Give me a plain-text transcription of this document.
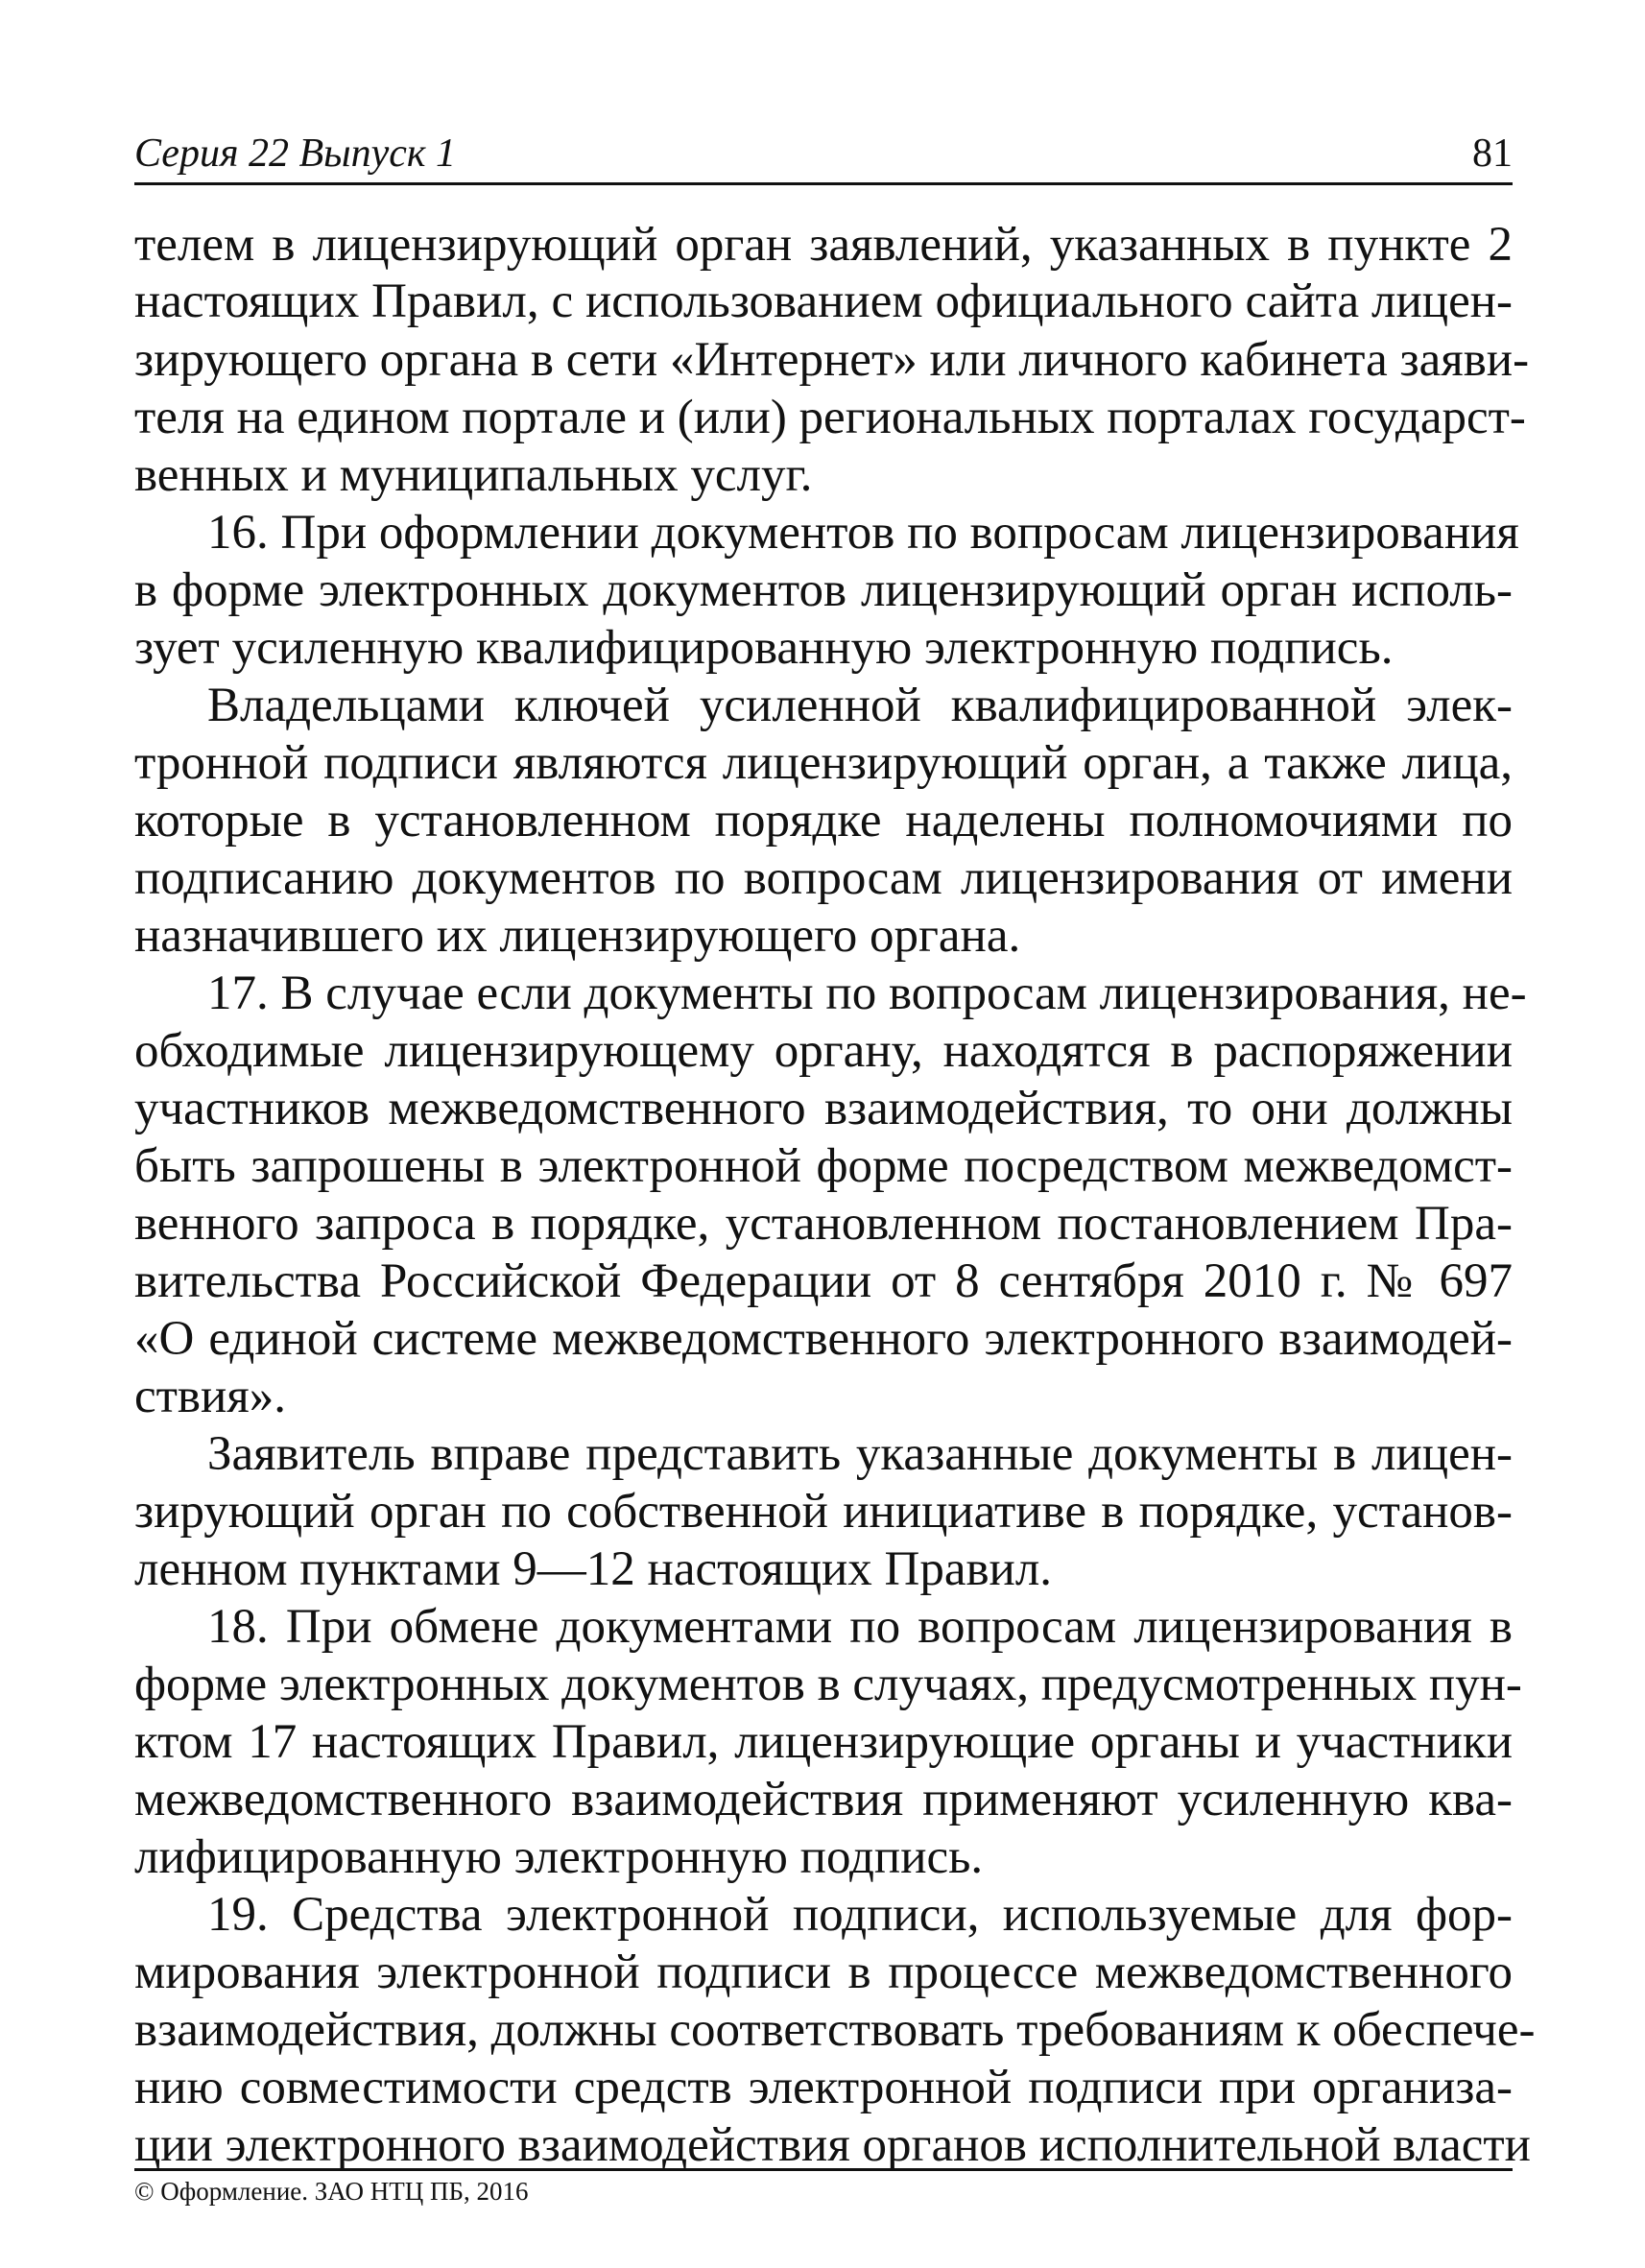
Серия 22 Выпуск 1	81
телем в лицензирующий орган заявлений, указанных в пункте 2
настоящих Правил, с использованием официального сайта лицен-
зирующего органа в сети «Интернет» или личного кабинета заяви-
теля на едином портале и (или) региональных порталах государст-
венных и муниципальных услуг.
16. При оформлении документов по вопросам лицензирования
в форме электронных документов лицензирующий орган исполь-
зует усиленную квалифицированную электронную подпись.
Владельцами ключей усиленной квалифицированной элек-
тронной подписи являются лицензирующий орган, а также лица,
которые в установленном порядке наделены полномочиями по
подписанию документов по вопросам лицензирования от имени
назначившего их лицензирующего органа.
17. В случае если документы по вопросам лицензирования, не-
обходимые лицензирующему органу, находятся в распоряжении
участников межведомственного взаимодействия, то они должны
быть запрошены в электронной форме посредством межведомст-
венного запроса в порядке, установленном постановлением Пра-
вительства Российской Федерации от 8 сентября 2010 г. № 697
«О единой системе межведомственного электронного взаимодей-
ствия».
Заявитель вправе представить указанные документы в лицен-
зирующий орган по собственной инициативе в порядке, установ-
ленном пунктами 9—12 настоящих Правил.
18. При обмене документами по вопросам лицензирования в
форме электронных документов в случаях, предусмотренных пун-
ктом 17 настоящих Правил, лицензирующие органы и участники
межведомственного взаимодействия применяют усиленную ква-
лифицированную электронную подпись.
19. Средства электронной подписи, используемые для фор-
мирования электронной подписи в процессе межведомственного
взаимодействия, должны соответствовать требованиям к обеспече-
нию совместимости средств электронной подписи при организа-
ции электронного взаимодействия органов исполнительной власти
© Оформление. ЗАО НТЦ ПБ, 2016
